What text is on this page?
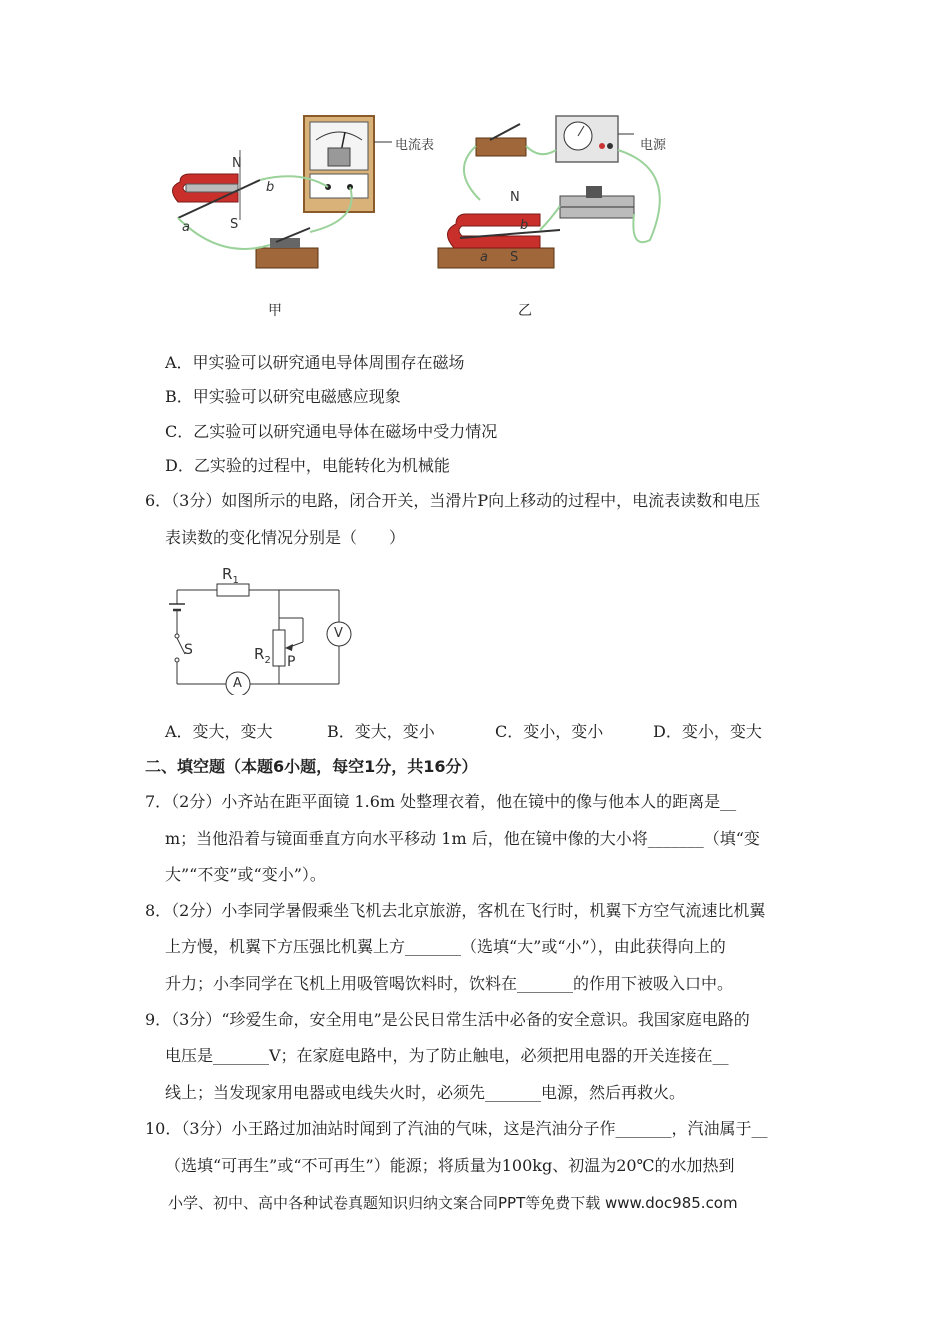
电流表	电源
N
S
a
b
N
S
a
b
甲	乙
A．甲实验可以研究通电导体周围存在磁场
B．甲实验可以研究电磁感应现象
C．乙实验可以研究通电导体在磁场中受力情况
D．乙实验的过程中，电能转化为机械能
6．（3分）如图所示的电路，闭合开关，当滑片P向上移动的过程中，电流表读数和电压
表读数的变化情况分别是（　　）
$R_1$
$R_2$
S
P
A
V
A．变大，变大	B．变大，变小	C．变小，变小	D．变小，变大
二、填空题（本题6小题，每空1分，共16分）
7．（2分）小齐站在距平面镜 1.6m 处整理衣着，他在镜中的像与他本人的距离是__
m；当他沿着与镜面垂直方向水平移动 1m 后，他在镜中像的大小将_______（填“变
大”“不变”或“变小”）。
8．（2分）小李同学暑假乘坐飞机去北京旅游，客机在飞行时，机翼下方空气流速比机翼
上方慢，机翼下方压强比机翼上方_______（选填“大”或“小”），由此获得向上的
升力；小李同学在飞机上用吸管喝饮料时，饮料在_______的作用下被吸入口中。
9．（3分）“珍爱生命，安全用电”是公民日常生活中必备的安全意识。我国家庭电路的
电压是_______V；在家庭电路中，为了防止触电，必须把用电器的开关连接在__
线上；当发现家用电器或电线失火时，必须先_______电源，然后再救火。
10．（3分）小王路过加油站时闻到了汽油的气味，这是汽油分子作_______，汽油属于__
（选填“可再生”或“不可再生”）能源；将质量为100kg、初温为20℃的水加热到
小学、初中、高中各种试卷真题知识归纳文案合同PPT等免费下载 www.doc985.com
